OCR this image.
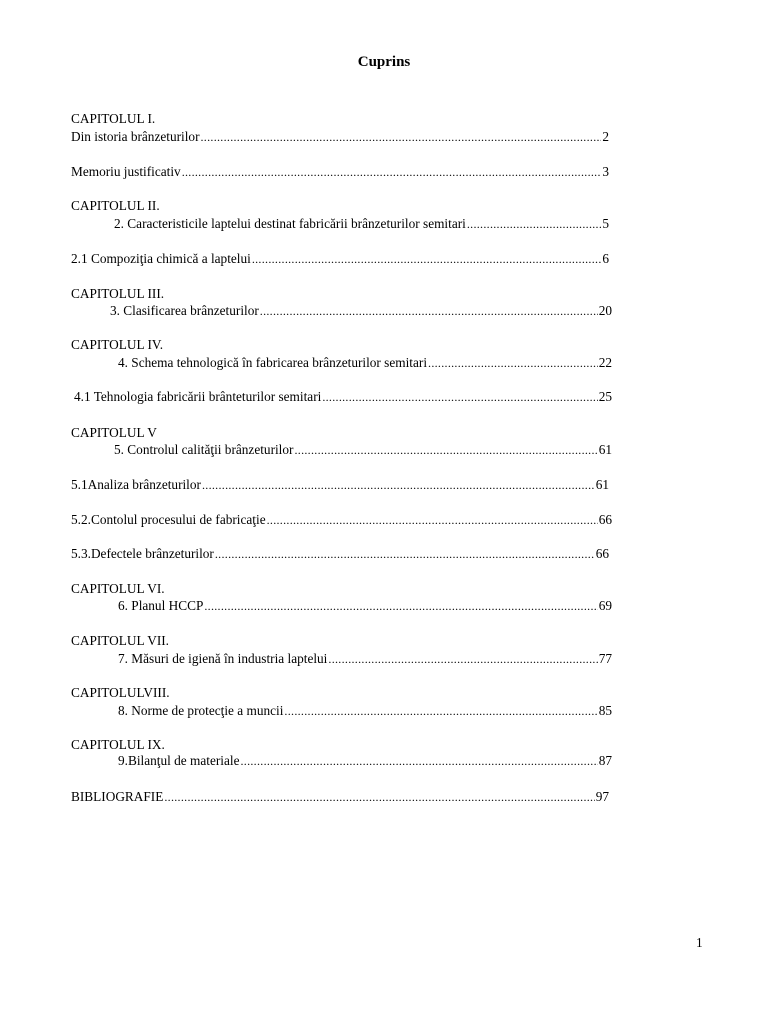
Cuprins
CAPITOLUL I.
Din istoria brânzeturilor .....	2
Memoriu justificativ .....	3
CAPITOLUL II.
2. Caracteristicile laptelui destinat fabricării brânzeturilor semitari .....	5
2.1 Compoziţia chimică a laptelui .....	6
CAPITOLUL III.
3. Clasificarea brânzeturilor .....	20
CAPITOLUL IV.
4. Schema tehnologică în fabricarea brânzeturilor semitari .....	22
4.1 Tehnologia fabricării brânteturilor semitari .....	25
CAPITOLUL V
5. Controlul calităţii brânzeturilor .....	61
5.1Analiza brânzeturilor .....	61
5.2.Contolul procesului de fabricaţie .....	66
5.3.Defectele brânzeturilor .....	66
CAPITOLUL VI.
6. Planul HCCP .....	69
CAPITOLUL VII.
7. Măsuri de igienă în industria laptelui .....	77
CAPITOLULVIII.
8. Norme de protecţie a muncii .....	85
CAPITOLUL IX.
9.Bilanţul de materiale .....	87
BIBLIOGRAFIE .....	97
1
